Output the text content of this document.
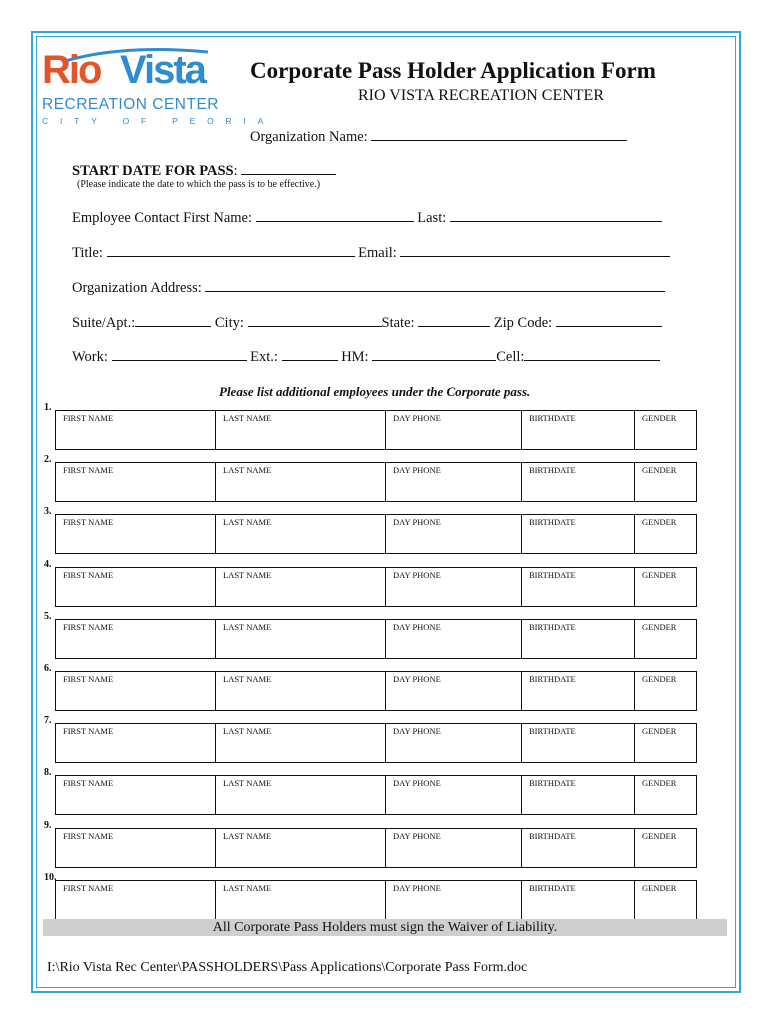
Rio Vista
RECREATION CENTER
CITY OF PEORIA
Corporate Pass Holder Application Form
RIO VISTA RECREATION CENTER
Organization Name:
START DATE FOR PASS:
(Please indicate the date to which the pass is to be effective.)
Employee Contact First Name:	Last:
Title:	Email:
Organization Address:
Suite/Apt.:	City:	State:	Zip Code:
Work:	Ext.:	HM:	Cell:
Please list additional employees under the Corporate pass.
1.
FIRST NAME	LAST NAME	DAY PHONE	BIRTHDATE	GENDER
2.
FIRST NAME	LAST NAME	DAY PHONE	BIRTHDATE	GENDER
3.
FIRST NAME	LAST NAME	DAY PHONE	BIRTHDATE	GENDER
4.
FIRST NAME	LAST NAME	DAY PHONE	BIRTHDATE	GENDER
5.
FIRST NAME	LAST NAME	DAY PHONE	BIRTHDATE	GENDER
6.
FIRST NAME	LAST NAME	DAY PHONE	BIRTHDATE	GENDER
7.
FIRST NAME	LAST NAME	DAY PHONE	BIRTHDATE	GENDER
8.
FIRST NAME	LAST NAME	DAY PHONE	BIRTHDATE	GENDER
9.
FIRST NAME	LAST NAME	DAY PHONE	BIRTHDATE	GENDER
10.
FIRST NAME	LAST NAME	DAY PHONE	BIRTHDATE	GENDER
All Corporate Pass Holders must sign the Waiver of Liability.
I:\Rio Vista Rec Center\PASSHOLDERS\Pass Applications\Corporate Pass Form.doc
